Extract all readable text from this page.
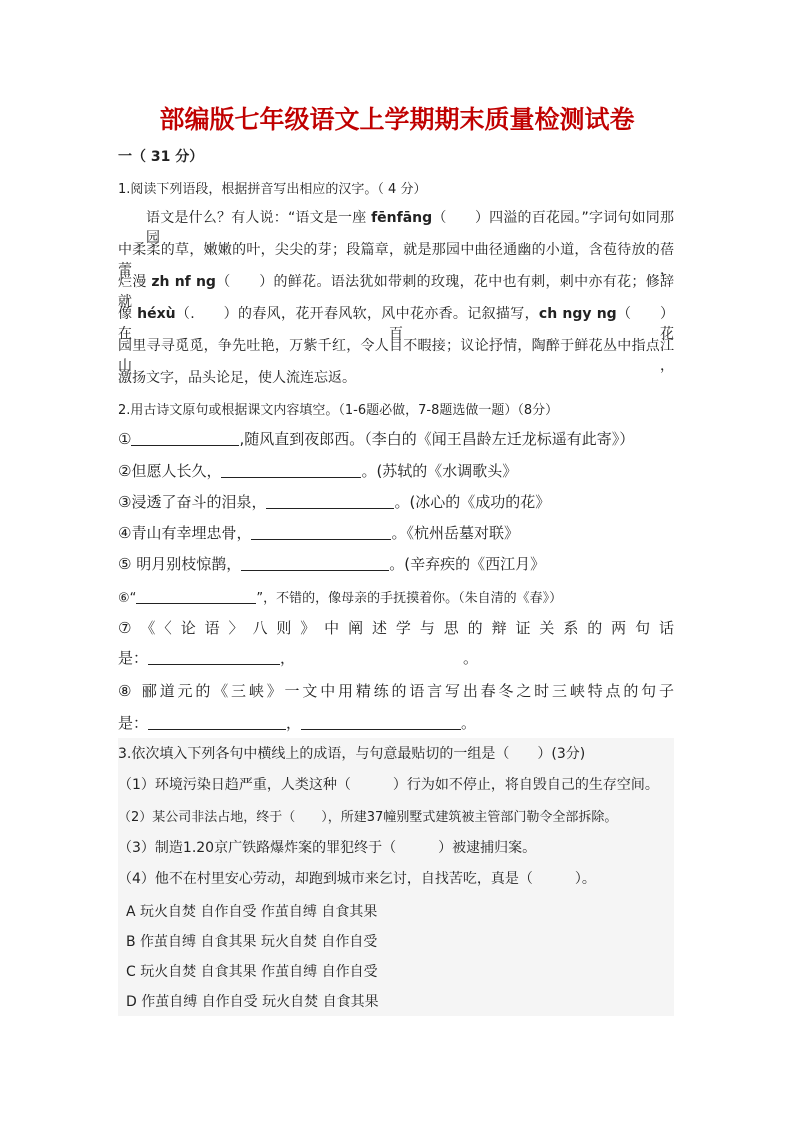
部编版七年级语文上学期期末质量检测试卷
一（ 31 分）
1.阅读下列语段，根据拼音写出相应的汉字。（ 4 分）
语文是什么？有人说：“语文是一座 fēnfāng（　　）四溢的百花园。”字词句如同那园
中柔柔的草，嫩嫩的叶，尖尖的芽；段篇章，就是那园中曲径通幽的小道，含苞待放的蓓蕾，
烂漫 zh nf ng（　　）的鲜花。语法犹如带刺的玫瑰，花中也有刺，刺中亦有花；修辞就
像 héxù（.　　）的春风，花开春风软，风中花亦香。记叙描写，ch ngy ng（　　）在百花
园里寻寻觅觅，争先吐艳，万紫千红，令人目不暇接；议论抒情，陶醉于鲜花丛中指点江山，
激扬文字，品头论足，使人流连忘返。
2.用古诗文原句或根据课文内容填空。（1-6题必做，7-8题选做一题）（8分）
①	,随风直到夜郎西。（李白的《闻王昌龄左迁龙标遥有此寄》）
②但愿人长久，	。(苏轼的《水调歌头》
③浸透了奋斗的泪泉，	。(冰心的《成功的花》
④青山有幸埋忠骨，	。《杭州岳墓对联》
⑤ 明月别枝惊鹊，	。(辛弃疾的《西江月》
⑥“	”，不错的，像母亲的手抚摸着你。（朱自清的《春》）
⑦《〈论语〉八则》中阐述学与思的辩证关系的两句话
是：	，	。
⑧ 郦道元的《三峡》一文中用精练的语言写出春冬之时三峡特点的句子
是：	，	。
3.依次填入下列各句中横线上的成语，与句意最贴切的一组是（　　）(3分)
（1）环境污染日趋严重，人类这种（　　　）行为如不停止，将自毁自己的生存空间。
（2）某公司非法占地，终于（　　），所建37幢别墅式建筑被主管部门勒令全部拆除。
（3）制造1.20京广铁路爆炸案的罪犯终于（　　　）被逮捕归案。
（4）他不在村里安心劳动，却跑到城市来乞讨，自找苦吃，真是（　　　）。
A 玩火自焚 自作自受 作茧自缚 自食其果
B 作茧自缚 自食其果 玩火自焚 自作自受
C 玩火自焚 自食其果 作茧自缚 自作自受
D 作茧自缚 自作自受 玩火自焚 自食其果
